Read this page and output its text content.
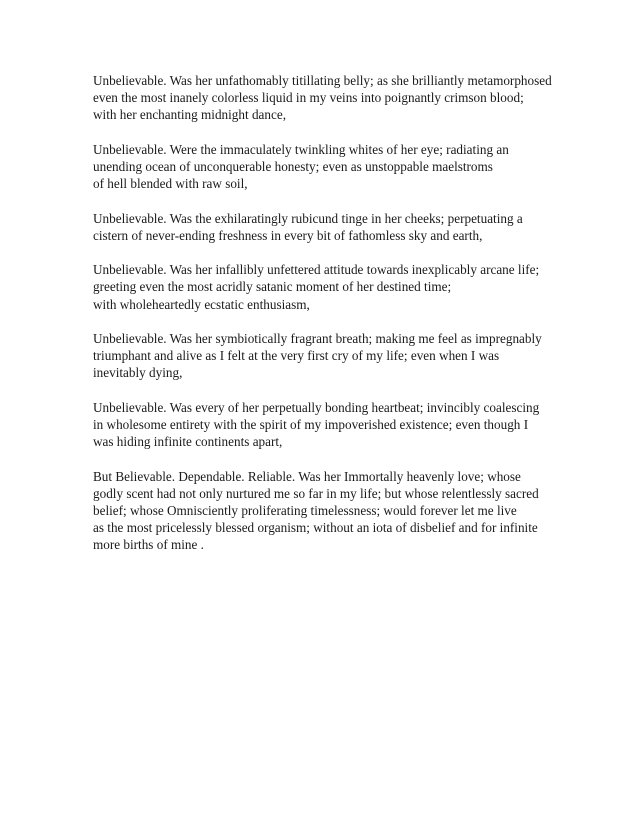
Unbelievable. Was her unfathomably titillating belly; as she brilliantly metamorphosed
even the most inanely colorless liquid in my veins into poignantly crimson blood;
with her enchanting midnight dance,
Unbelievable. Were the immaculately twinkling whites of her eye; radiating an
unending ocean of unconquerable honesty; even as unstoppable maelstroms
of hell blended with raw soil,
Unbelievable. Was the exhilaratingly rubicund tinge in her cheeks; perpetuating a
cistern of never-ending freshness in every bit of fathomless sky and earth,
Unbelievable. Was her infallibly unfettered attitude towards inexplicably arcane life;
greeting even the most acridly satanic moment of her destined time;
with wholeheartedly ecstatic enthusiasm,
Unbelievable. Was her symbiotically fragrant breath; making me feel as impregnably
triumphant and alive as I felt at the very first cry of my life; even when I was
inevitably dying,
Unbelievable. Was every of her perpetually bonding heartbeat; invincibly coalescing
in wholesome entirety with the spirit of my impoverished existence; even though I
was hiding infinite continents apart,
But Believable. Dependable. Reliable. Was her Immortally heavenly love; whose
godly scent had not only nurtured me so far in my life; but whose relentlessly sacred
belief; whose Omnisciently proliferating timelessness; would forever let me live
as the most pricelessly blessed organism; without an iota of disbelief and for infinite
more births of mine .
